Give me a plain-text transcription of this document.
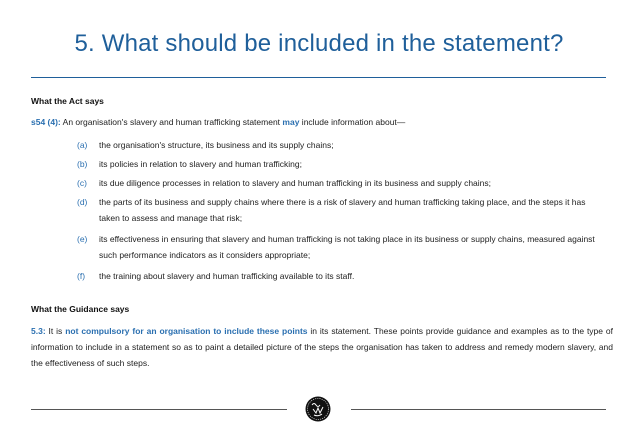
5. What should be included in the statement?
What the Act says
s54 (4): An organisation's slavery and human trafficking statement may include information about—
(a) the organisation's structure, its business and its supply chains;
(b) its policies in relation to slavery and human trafficking;
(c) its due diligence processes in relation to slavery and human trafficking in its business and supply chains;
(d) the parts of its business and supply chains where there is a risk of slavery and human trafficking taking place, and the steps it has taken to assess and manage that risk;
(e) its effectiveness in ensuring that slavery and human trafficking is not taking place in its business or supply chains, measured against such performance indicators as it considers appropriate;
(f) the training about slavery and human trafficking available to its staff.
What the Guidance says
5.3: It is not compulsory for an organisation to include these points in its statement. These points provide guidance and examples as to the type of information to include in a statement so as to paint a detailed picture of the steps the organisation has taken to address and remedy modern slavery, and the effectiveness of such steps.
